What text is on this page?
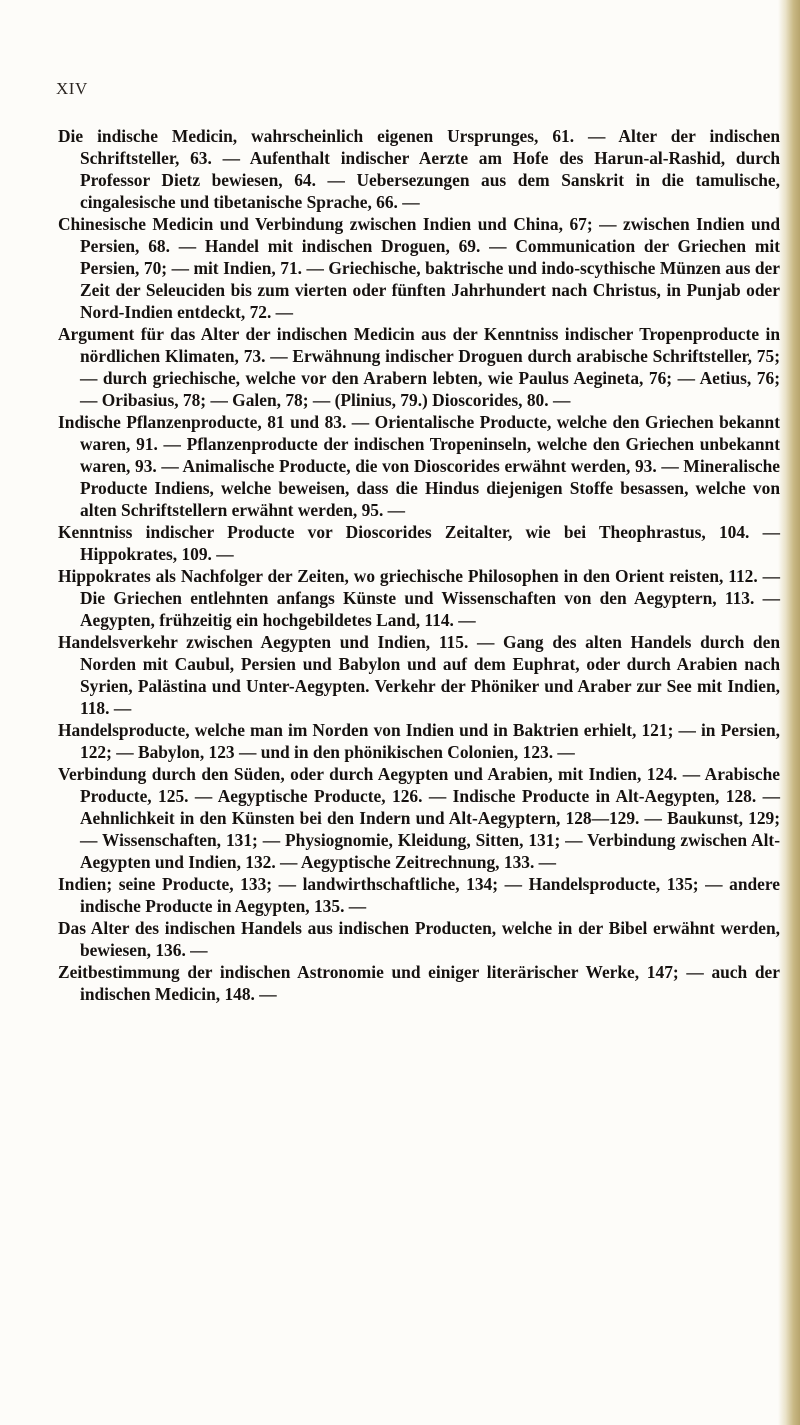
XIV

Die indische Medicin, wahrscheinlich eigenen Ursprunges, 61. — Alter der indischen Schriftsteller, 63. — Aufenthalt indischer Aerzte am Hofe des Harun-al-Rashid, durch Professor Dietz bewiesen, 64. — Uebersezungen aus dem Sanskrit in die tamulische, cingalesische und tibetanische Sprache, 66. —

Chinesische Medicin und Verbindung zwischen Indien und China, 67; — zwischen Indien und Persien, 68. — Handel mit indischen Droguen, 69. — Communication der Griechen mit Persien, 70; — mit Indien, 71. — Griechische, baktrische und indo-scythische Münzen aus der Zeit der Seleuciden bis zum vierten oder fünften Jahrhundert nach Christus, in Punjab oder Nord-Indien entdeckt, 72. —

Argument für das Alter der indischen Medicin aus der Kenntniss indischer Tropenproducte in nördlichen Klimaten, 73. — Erwähnung indischer Droguen durch arabische Schriftsteller, 75; — durch griechische, welche vor den Arabern lebten, wie Paulus Aegineta, 76; — Aetius, 76; — Oribasius, 78; — Galen, 78; — (Plinius, 79.) Dioscorides, 80. —

Indische Pflanzenproducte, 81 und 83. — Orientalische Producte, welche den Griechen bekannt waren, 91. — Pflanzenproducte der indischen Tropeninseln, welche den Griechen unbekannt waren, 93. — Animalische Producte, die von Dioscorides erwähnt werden, 93. — Mineralische Producte Indiens, welche beweisen, dass die Hindus diejenigen Stoffe besassen, welche von alten Schriftstellern erwähnt werden, 95. —

Kenntniss indischer Producte vor Dioscorides Zeitalter, wie bei Theophrastus, 104. — Hippokrates, 109. —

Hippokrates als Nachfolger der Zeiten, wo griechische Philosophen in den Orient reisten, 112. — Die Griechen entlehnten anfangs Künste und Wissenschaften von den Aegyptern, 113. — Aegypten, frühzeitig ein hochgebildetes Land, 114. —

Handelsverkehr zwischen Aegypten und Indien, 115. — Gang des alten Handels durch den Norden mit Caubul, Persien und Babylon und auf dem Euphrat, oder durch Arabien nach Syrien, Palästina und Unter-Aegypten. Verkehr der Phöniker und Araber zur See mit Indien, 118. —

Handelsproducte, welche man im Norden von Indien und in Baktrien erhielt, 121; — in Persien, 122; — Babylon, 123 — und in den phönikischen Colonien, 123. —

Verbindung durch den Süden, oder durch Aegypten und Arabien, mit Indien, 124. — Arabische Producte, 125. — Aegyptische Producte, 126. — Indische Producte in Alt-Aegypten, 128. — Aehnlichkeit in den Künsten bei den Indern und Alt-Aegyptern, 128—129. — Baukunst, 129; — Wissenschaften, 131; — Physiognomie, Kleidung, Sitten, 131; — Verbindung zwischen Alt-Aegypten und Indien, 132. — Aegyptische Zeitrechnung, 133. —

Indien; seine Producte, 133; — landwirthschaftliche, 134; — Handelsproducte, 135; — andere indische Producte in Aegypten, 135. —

Das Alter des indischen Handels aus indischen Producten, welche in der Bibel erwähnt werden, bewiesen, 136. —

Zeitbestimmung der indischen Astronomie und einiger literärischer Werke, 147; — auch der indischen Medicin, 148. —
